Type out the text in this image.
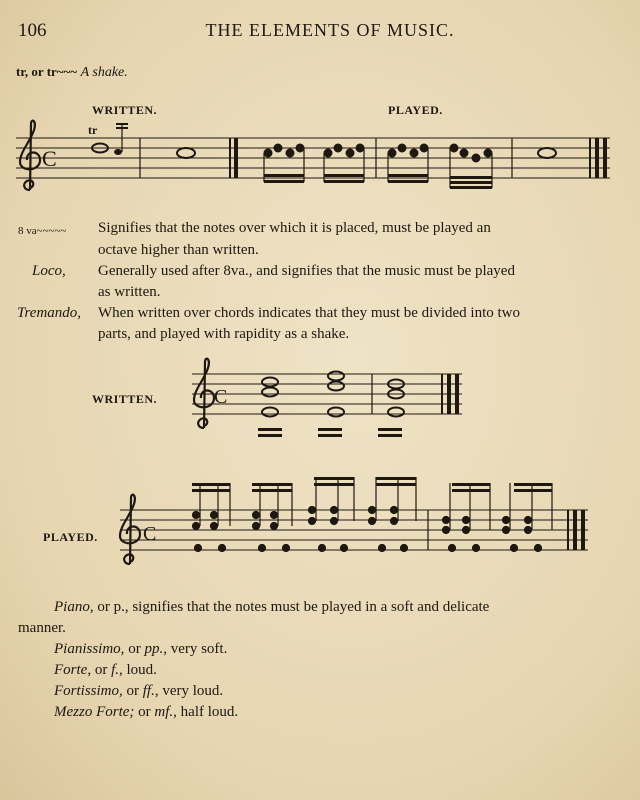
106	THE ELEMENTS OF MUSIC.
tr, or tr~~~ A shake.
WRITTEN.	PLAYED.
C
tr
8 va~~~~~ Signifies that the notes over which it is placed, must be played an
octave higher than written.
Loco, Generally used after 8va., and signifies that the music must be played
as written.
Tremando, When written over chords indicates that they must be divided into two
parts, and played with rapidity as a shake.
WRITTEN.	C
PLAYED. C
Piano, or p., signifies that the notes must be played in a soft and delicate
manner.
Pianissimo, or pp., very soft.
Forte, or f., loud.
Fortissimo, or ff., very loud.
Mezzo Forte; or mf., half loud.
